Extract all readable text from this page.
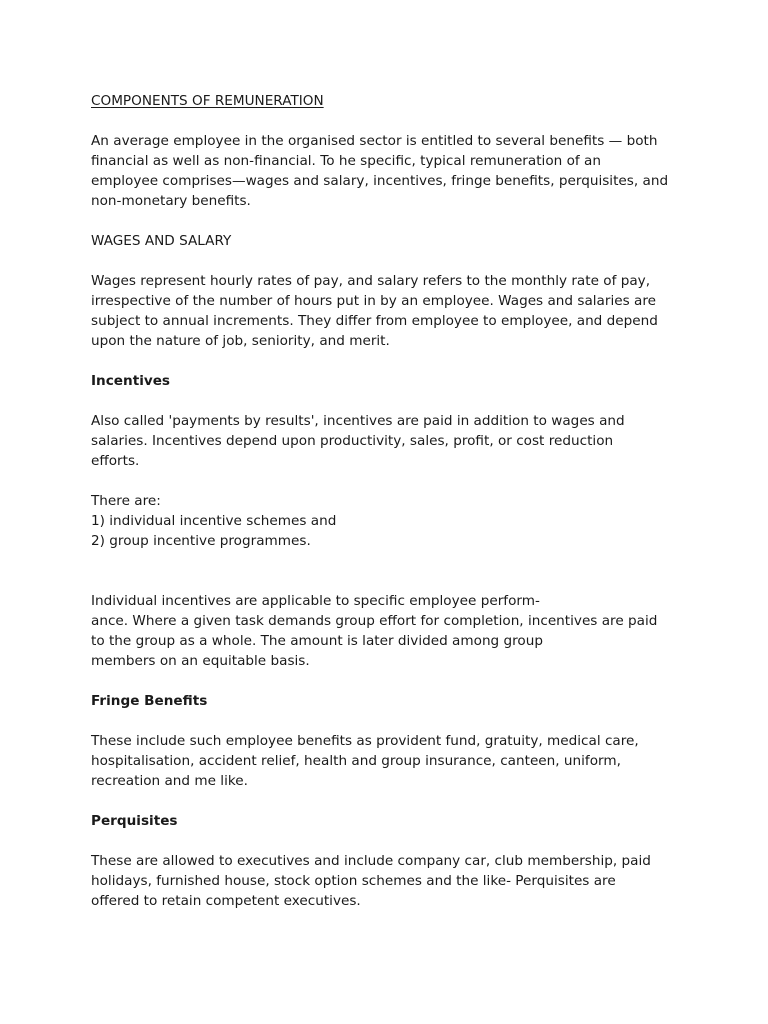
COMPONENTS OF REMUNERATION

An average employee in the organised sector is entitled to several benefits — both

financial as well as non-financial. To he specific, typical remuneration of an

employee comprises—wages and salary, incentives, fringe benefits, perquisites, and

non-monetary benefits.

WAGES AND SALARY

Wages represent hourly rates of pay, and salary refers to the monthly rate of pay,

irrespective of the number of hours put in by an employee. Wages and salaries are

subject to annual increments. They differ from employee to employee, and depend

upon the nature of job, seniority, and merit.

Incentives

Also called 'payments by results', incentives are paid in addition to wages and

salaries. Incentives depend upon productivity, sales, profit, or cost reduction

efforts.

There are:

1) individual incentive schemes and

2) group incentive programmes.

Individual incentives are applicable to specific employee perform-

ance. Where a given task demands group effort for completion, incentives are paid

to the group as a whole. The amount is later divided among group

members on an equitable basis.

Fringe Benefits

These include such employee benefits as provident fund, gratuity, medical care,

hospitalisation, accident relief, health and group insurance, canteen, uniform,

recreation and me like.

Perquisites

These are allowed to executives and include company car, club membership, paid

holidays, furnished house, stock option schemes and the like- Perquisites are

offered to retain competent executives.
